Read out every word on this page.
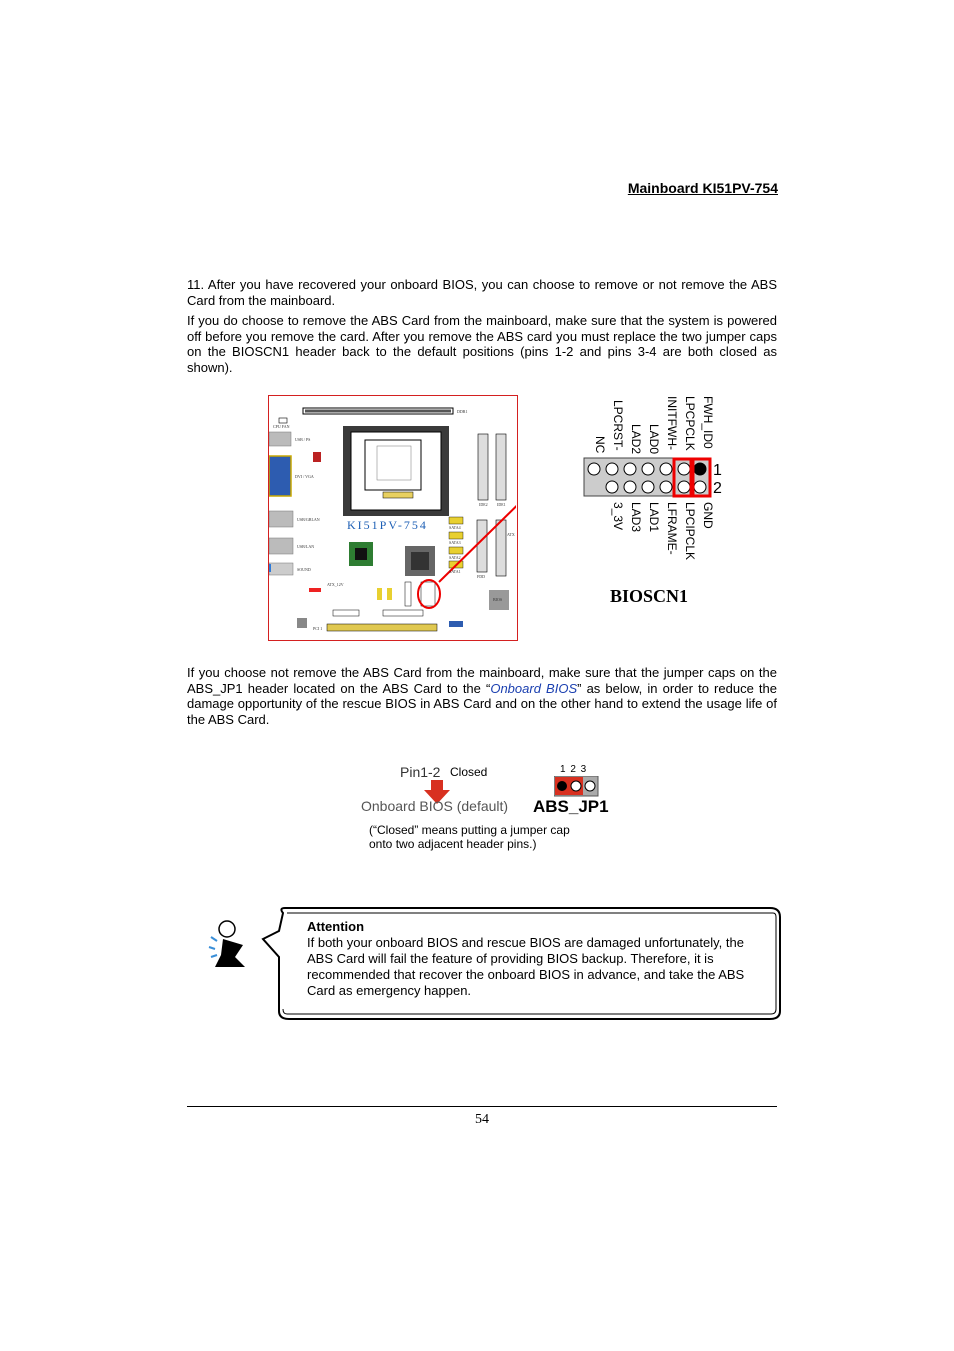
Mainboard KI51PV-754

11. After you have recovered your onboard BIOS, you can choose to remove or not remove the ABS Card from the mainboard.

If you do choose to remove the ABS Card from the mainboard, make sure that the system is powered off before you remove the card. After you remove the ABS card you must replace the two jumper caps on the BIOSCN1 header back to the default positions (pins 1-2 and pins 3-4 are both closed as shown).

DDR1
CPU FAN
USB / PS
DVI / VGA
USB/GBLAN
USB/LAN
SOUND
ATX_12V
PCI 1
IDE2 IDE1
SATA4
SATA3
SATA2
SATA1
FDD
ATX
BIOS
KI51PV-754
FWH_ID0
LPCPCLK
INITFWH-
LAD0
LAD2
LPCRST-
NC
GND
LPCIPCLK
LFRAME-
LAD1
LAD3
3_3V
1
2
BIOSCN1

If you choose not remove the ABS Card from the mainboard, make sure that the jumper caps on the ABS_JP1 header located on the ABS Card to the “Onboard BIOS” as below, in order to reduce the damage opportunity of the rescue BIOS in ABS Card and on the other hand to extend the usage life of the ABS Card.

Pin1-2 Closed
Onboard BIOS (default)
1 2 3
ABS_JP1
(“Closed” means putting a jumper cap
onto two adjacent header pins.)
Attention
If both your onboard BIOS and rescue BIOS are damaged unfortunately, the ABS Card will fail the feature of providing BIOS backup. Therefore, it is recommended that recover the onboard BIOS in advance, and take the ABS Card as emergency happen.
54
